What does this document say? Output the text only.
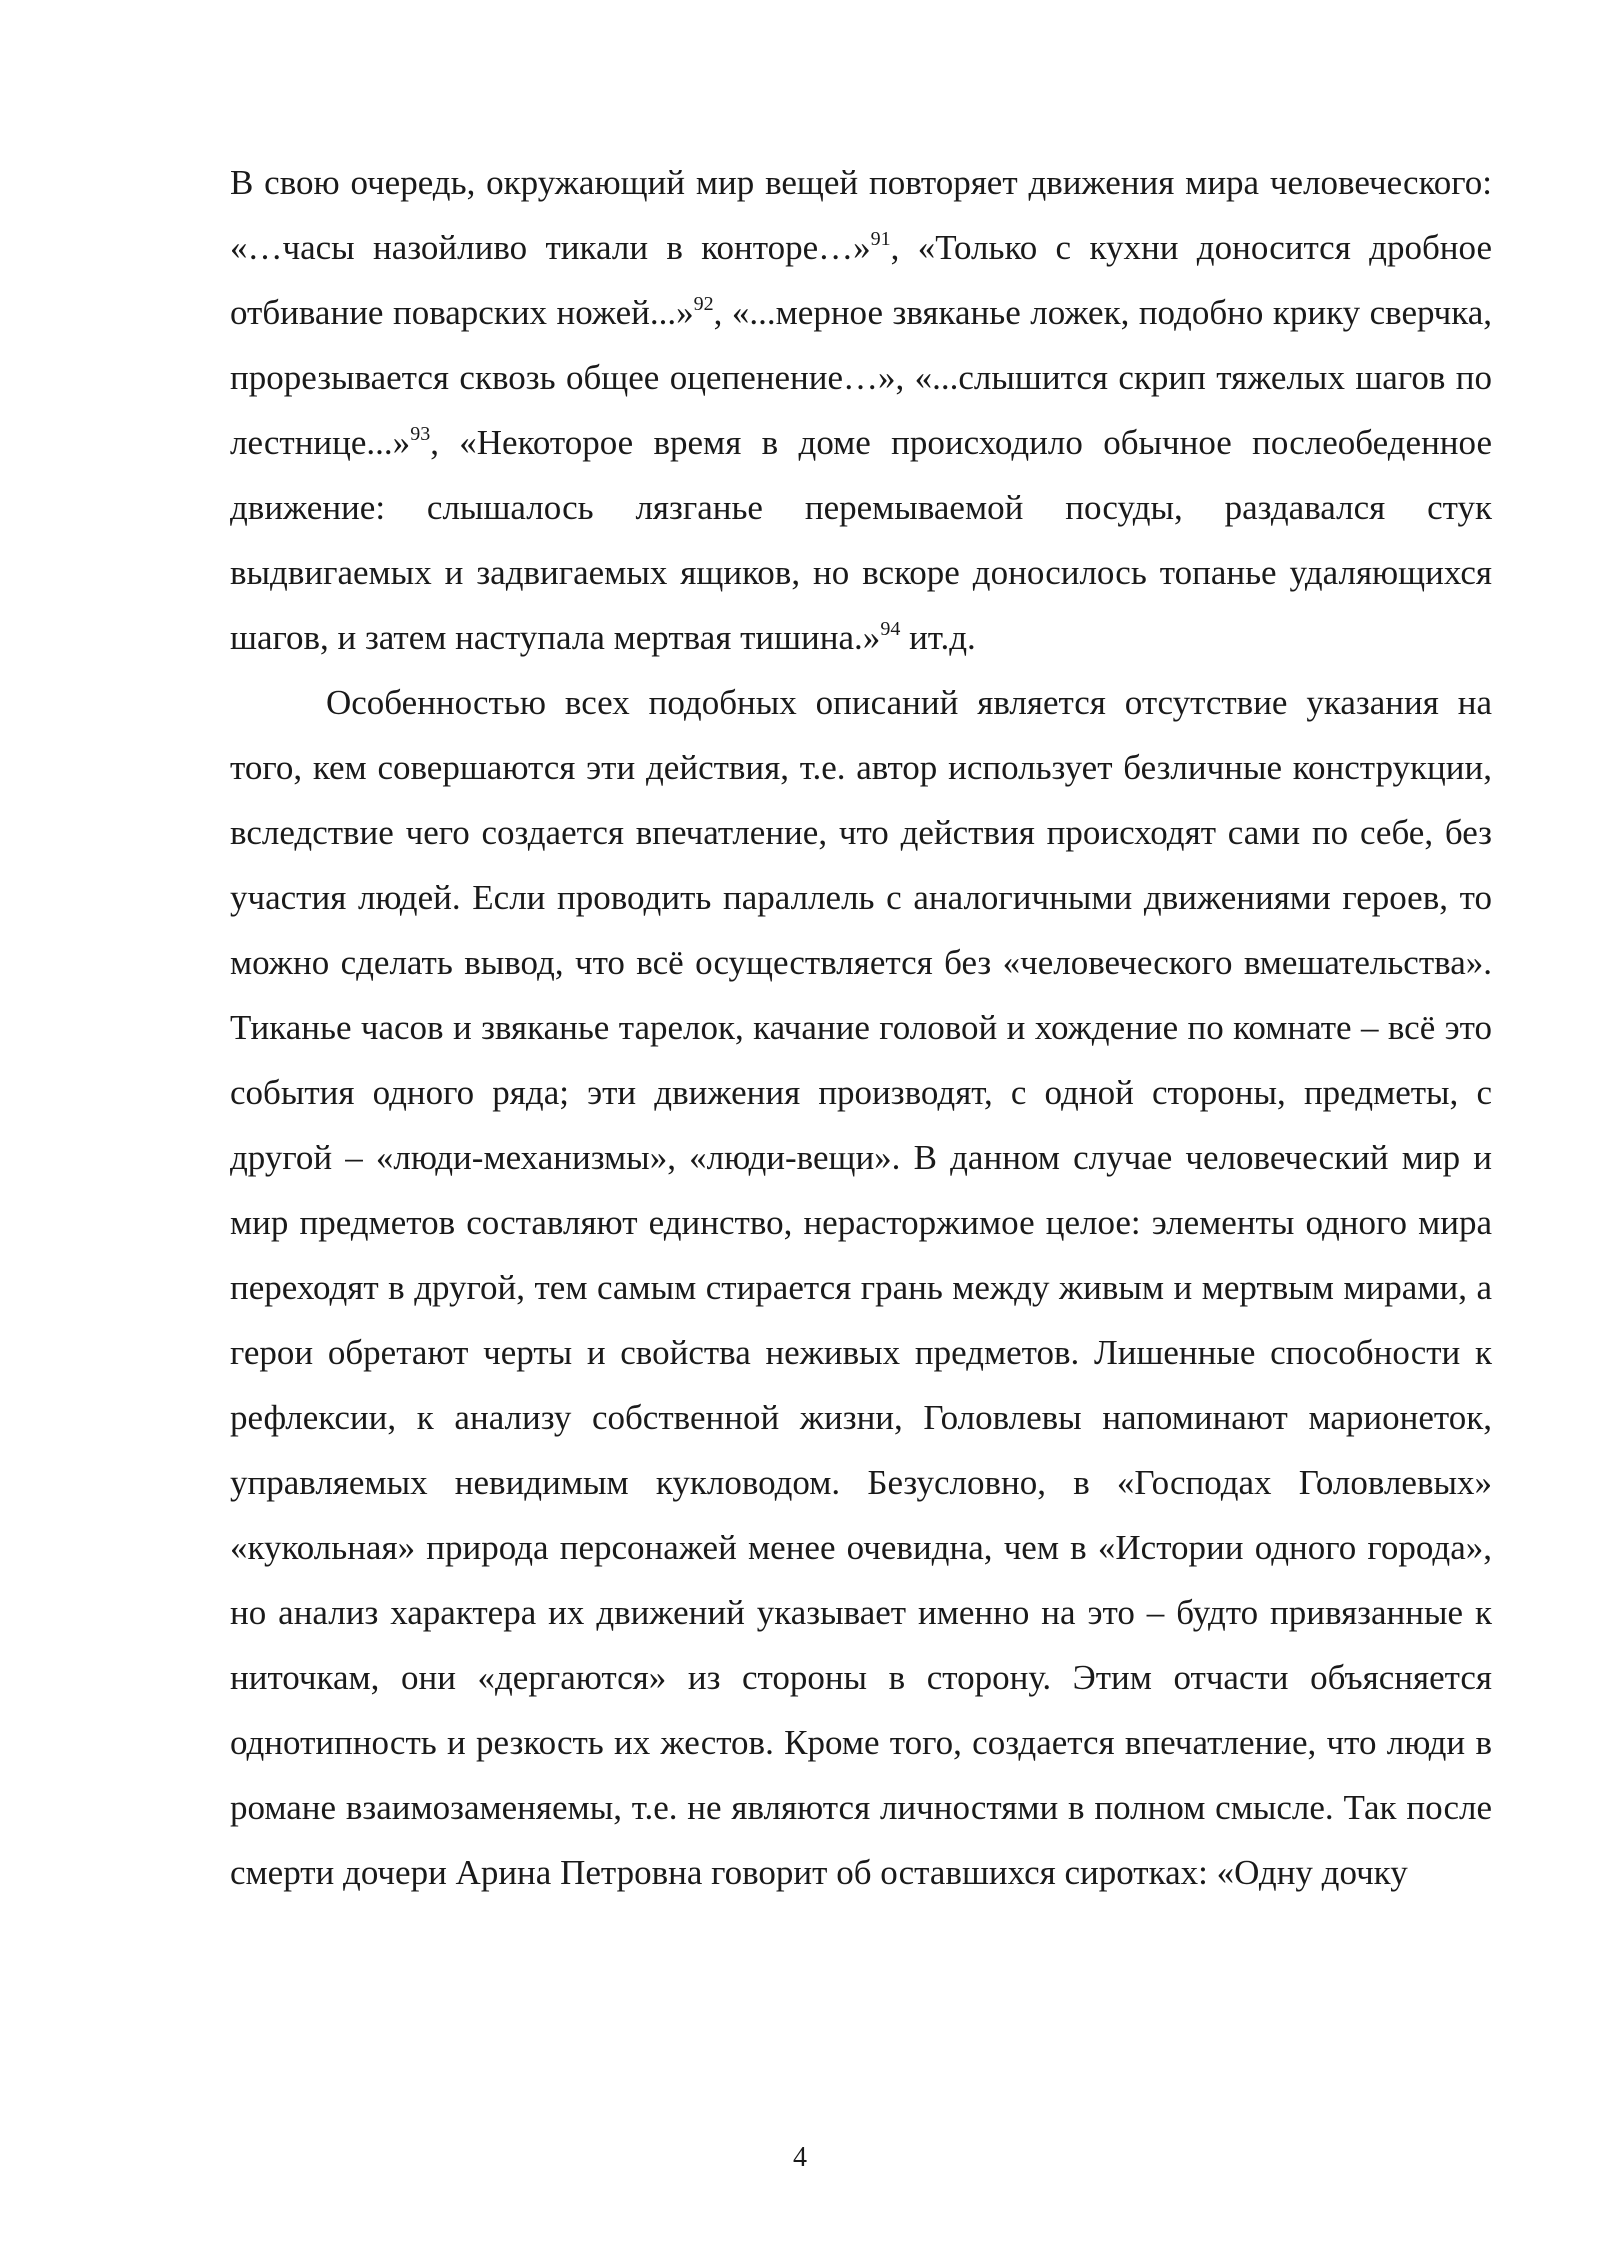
В свою очередь, окружающий мир вещей повторяет движения мира человеческого: «…часы назойливо тикали в конторе…»$^{91}$, «Только с кухни доносится дробное отбивание поварских ножей...»$^{92}$, «...мерное звяканье ложек, подобно крику сверчка, прорезывается сквозь общее оцепенение…», «...слышится скрип тяжелых шагов по лестнице...»$^{93}$, «Некоторое время в доме происходило обычное послеобеденное движение: слышалось лязганье перемываемой посуды, раздавался стук выдвигаемых и задвигаемых ящиков, но вскоре доносилось топанье удаляющихся шагов, и затем наступала мертвая тишина.»$^{94}$ ит.д.

Особенностью всех подобных описаний является отсутствие указания на того, кем совершаются эти действия, т.е. автор использует безличные конструкции, вследствие чего создается впечатление, что действия происходят сами по себе, без участия людей. Если проводить параллель с аналогичными движениями героев, то можно сделать вывод, что всё осуществляется без «человеческого вмешательства». Тиканье часов и звяканье тарелок, качание головой и хождение по комнате – всё это события одного ряда; эти движения производят, с одной стороны, предметы, с другой – «люди-механизмы», «люди-вещи». В данном случае человеческий мир и мир предметов составляют единство, нерасторжимое целое: элементы одного мира переходят в другой, тем самым стирается грань между живым и мертвым мирами, а герои обретают черты и свойства неживых предметов. Лишенные способности к рефлексии, к анализу собственной жизни, Головлевы напоминают марионеток, управляемых невидимым кукловодом. Безусловно, в «Господах Головлевых» «кукольная» природа персонажей менее очевидна, чем в «Истории одного города», но анализ характера их движений указывает именно на это – будто привязанные к ниточкам, они «дергаются» из стороны в сторону. Этим отчасти объясняется однотипность и резкость их жестов. Кроме того, создается впечатление, что люди в романе взаимозаменяемы, т.е. не являются личностями в полном смысле. Так после смерти дочери Арина Петровна говорит об оставшихся сиротках: «Одну дочку

4
